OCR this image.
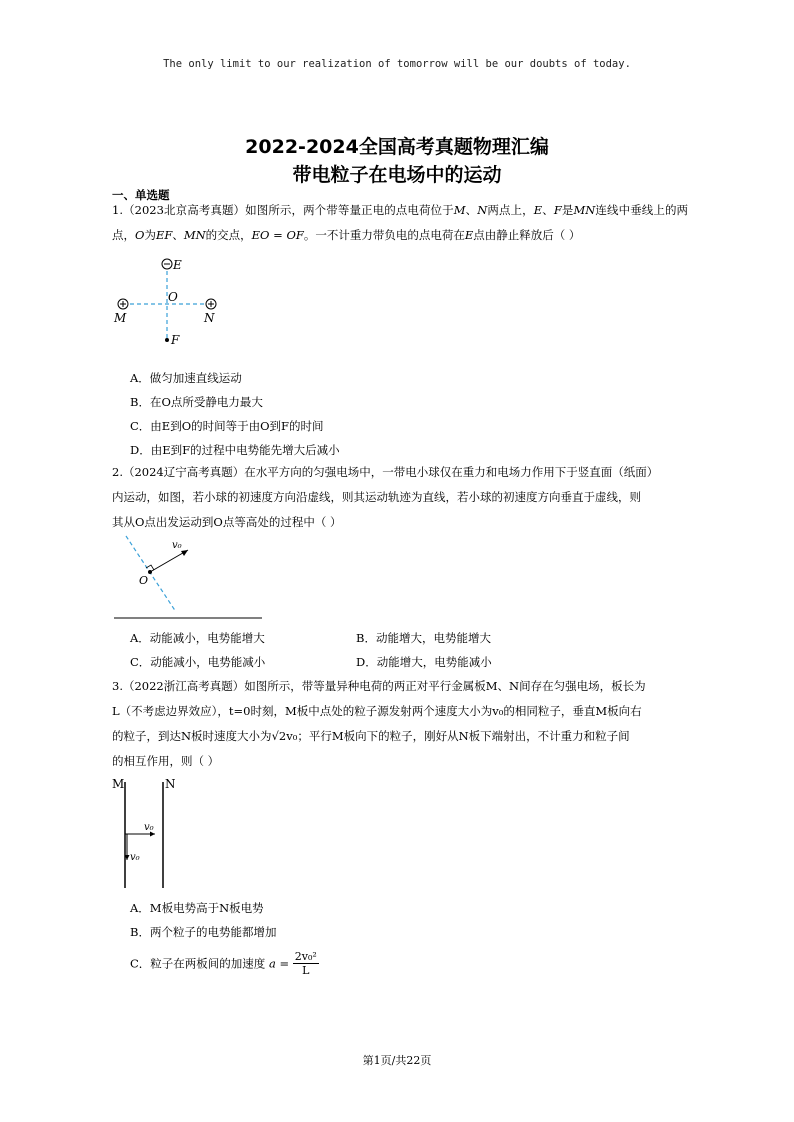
The only limit to our realization of tomorrow will be our doubts of today.
2022-2024全国高考真题物理汇编
带电粒子在电场中的运动
一、单选题
1.（2023北京高考真题）如图所示，两个带等量正电的点电荷位于M、N两点上，E、F是MN连线中垂线上的两点，O为EF、MN的交点，EO = OF。一不计重力带负电的点电荷在E点由静止释放后（ ）
E
O
M	N
F
A．做匀加速直线运动
B．在O点所受静电力最大
C．由E到O的时间等于由O到F的时间
D．由E到F的过程中电势能先增大后减小
2.（2024辽宁高考真题）在水平方向的匀强电场中，一带电小球仅在重力和电场力作用下于竖直面（纸面）
内运动，如图，若小球的初速度方向沿虚线，则其运动轨迹为直线，若小球的初速度方向垂直于虚线，则
其从O点出发运动到O点等高处的过程中（ ）
O
v₀
A．动能减小，电势能增大	B．动能增大，电势能增大
C．动能减小，电势能减小	D．动能增大，电势能减小
3.（2022浙江高考真题）如图所示，带等量异种电荷的两正对平行金属板M、N间存在匀强电场，板长为
L（不考虑边界效应），t=0时刻，M板中点处的粒子源发射两个速度大小为v₀的相同粒子，垂直M板向右
的粒子，到达N板时速度大小为√2v₀；平行M板向下的粒子，刚好从N板下端射出，不计重力和粒子间
的相互作用，则（ ）
M	N
v₀
v₀
A．M板电势高于N板电势
B．两个粒子的电势能都增加
C．粒子在两板间的加速度 $a = \frac{\text{2v₀²}}{L}$
第1页/共22页
